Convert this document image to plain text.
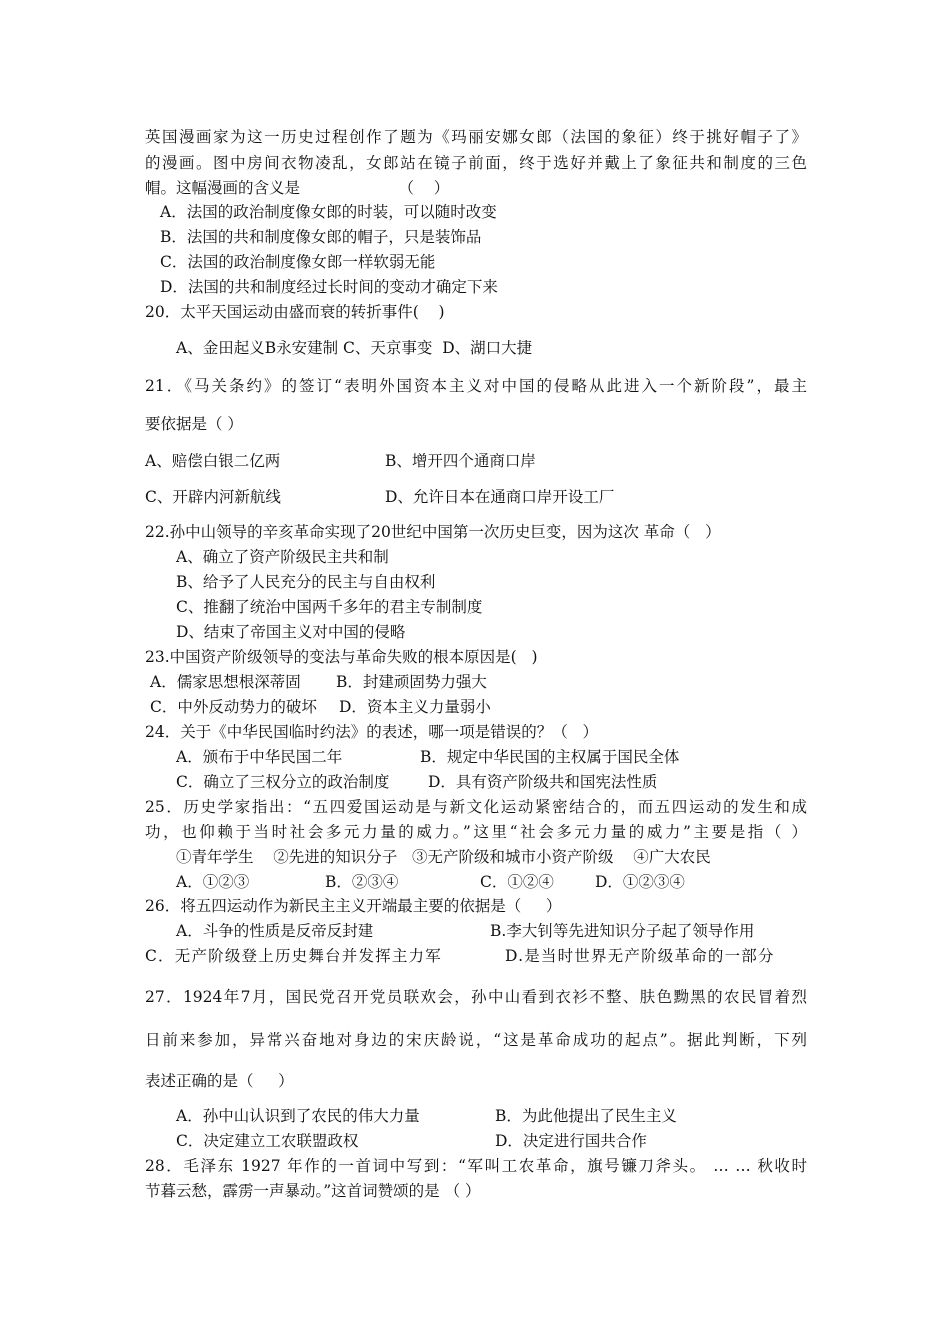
英国漫画家为这一历史过程创作了题为《玛丽安娜女郎（法国的象征）终于挑好帽子了》
的漫画。图中房间衣物凌乱，女郎站在镜子前面，终于选好并戴上了象征共和制度的三色
帽。这幅漫画的含义是                    （    ）
A．法国的政治制度像女郎的时装，可以随时改变
B．法国的共和制度像女郎的帽子，只是装饰品
C．法国的政治制度像女郎一样软弱无能
D．法国的共和制度经过长时间的变动才确定下来
20．太平天国运动由盛而衰的转折事件(    )
A、金田起义B永安建制 C、天京事变  D、湖口大捷
21．《马关条约》的签订“表明外国资本主义对中国的侵略从此进入一个新阶段”，最主
要依据是（ ）
A、赔偿白银二亿两	B、增开四个通商口岸
C、开辟内河新航线	D、允许日本在通商口岸开设工厂
22.孙中山领导的辛亥革命实现了20世纪中国第一次历史巨变，因为这次 革命（   ）
A、确立了资产阶级民主共和制
B、给予了人民充分的民主与自由权利
C、推翻了统治中国两千多年的君主专制制度
D、结束了帝国主义对中国的侵略
23.中国资产阶级领导的变法与革命失败的根本原因是(   )
A．儒家思想根深蒂固 B．封建顽固势力强大
C．中外反动势力的破坏 D．资本主义力量弱小
24．关于《中华民国临时约法》的表述，哪一项是错误的？（   ）
A．颁布于中华民国二年	B．规定中华民国的主权属于国民全体
C．确立了三权分立的政治制度 D．具有资产阶级共和国宪法性质
25．历史学家指出：“五四爱国运动是与新文化运动紧密结合的，而五四运动的发生和成
功，也仰赖于当时社会多元力量的威力。”这里“社会多元力量的威力”主要是指（ ）
①青年学生    ②先进的知识分子   ③无产阶级和城市小资产阶级    ④广大农民
A．①②③	B．②③④	C．①②④	D．①②③④
26．将五四运动作为新民主主义开端最主要的依据是（     ）
A．斗争的性质是反帝反封建	B.李大钊等先进知识分子起了领导作用
C．无产阶级登上历史舞台并发挥主力军	D.是当时世界无产阶级革命的一部分
27．1924年7月，国民党召开党员联欢会，孙中山看到衣衫不整、肤色黝黑的农民冒着烈
日前来参加，异常兴奋地对身边的宋庆龄说，“这是革命成功的起点”。据此判断，下列
表述正确的是（     ）
A．孙中山认识到了农民的伟大力量	B．为此他提出了民生主义
C．决定建立工农联盟政权	D．决定进行国共合作
28．毛泽东 1927 年作的一首词中写到：“军叫工农革命，旗号镰刀斧头。 … … 秋收时
节暮云愁，霹雳一声暴动。”这首词赞颂的是 （ ）
